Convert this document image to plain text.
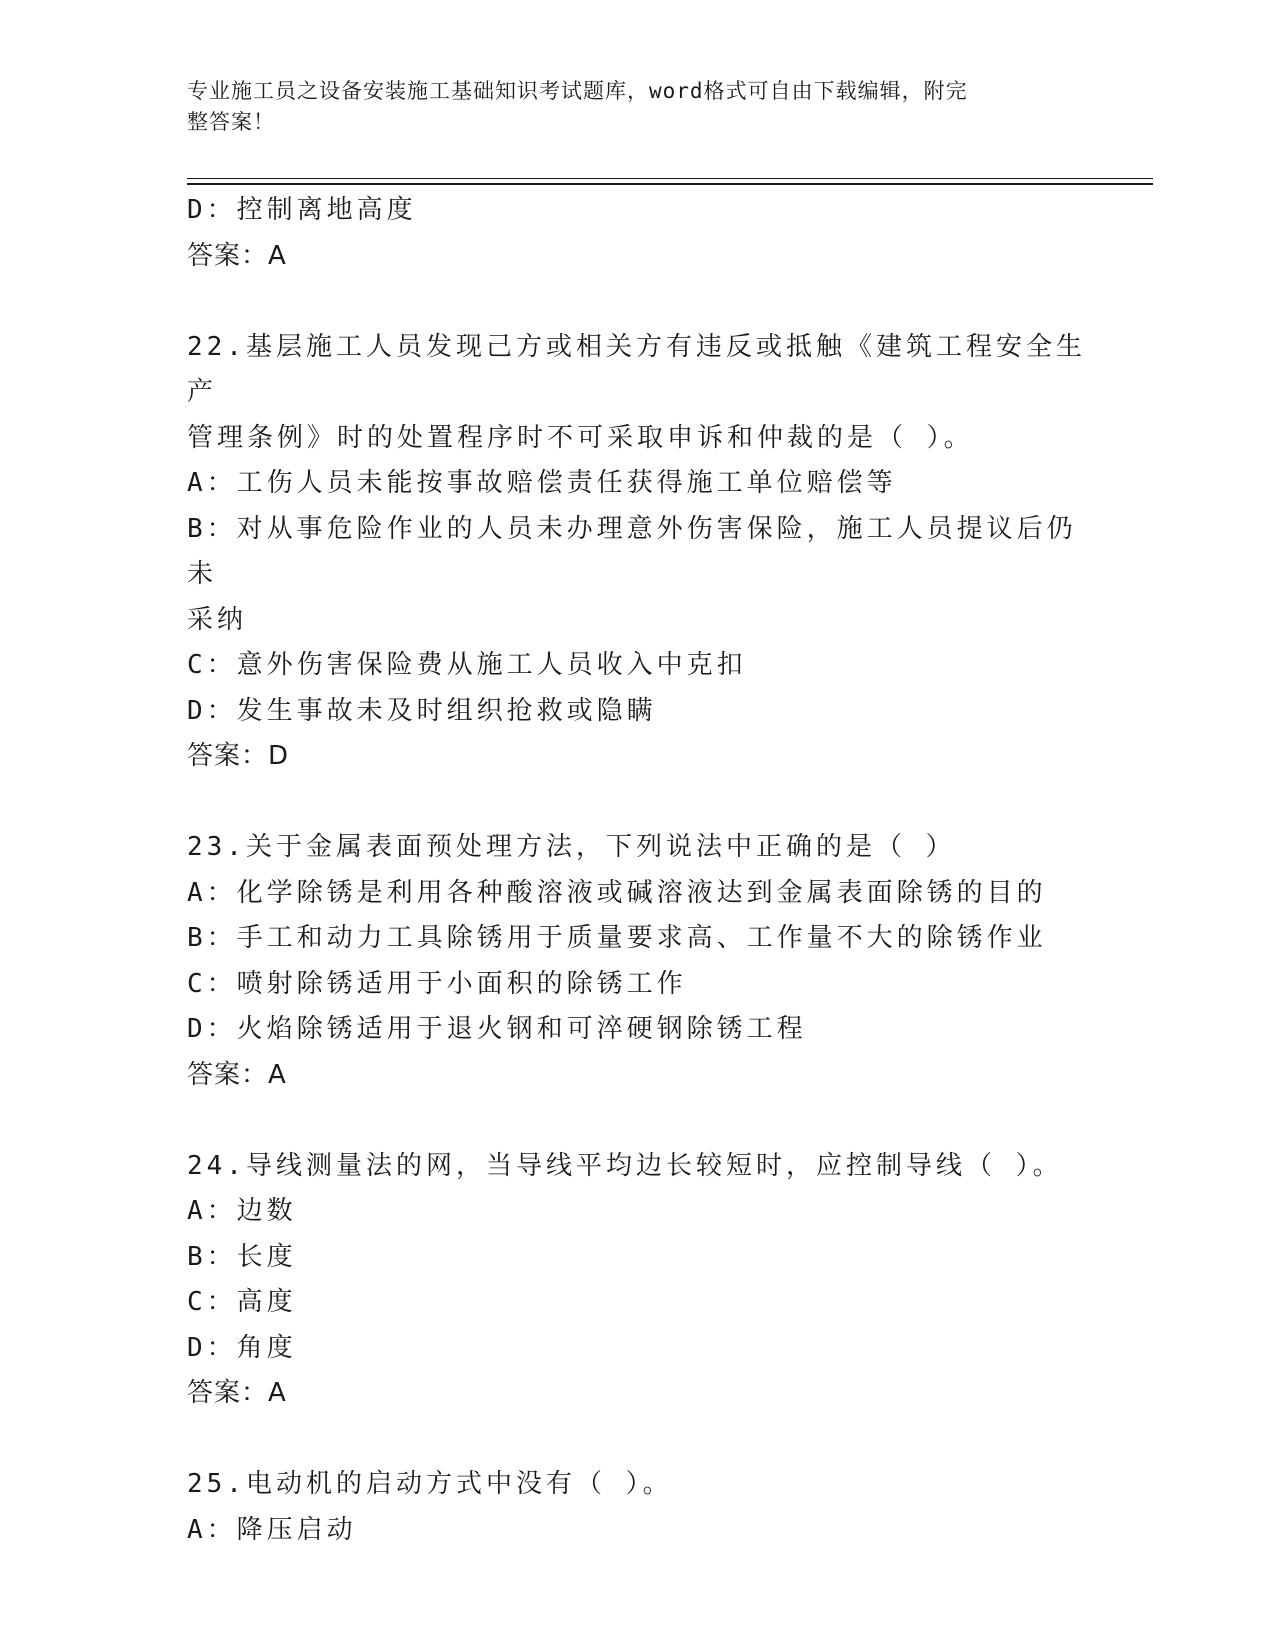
专业施工员之设备安装施工基础知识考试题库，word格式可自由下载编辑，附完
整答案！
D：控制离地高度
答案：A
22.基层施工人员发现己方或相关方有违反或抵触《建筑工程安全生产
管理条例》时的处置程序时不可采取申诉和仲裁的是（ ）。
A：工伤人员未能按事故赔偿责任获得施工单位赔偿等
B：对从事危险作业的人员未办理意外伤害保险，施工人员提议后仍未
采纳
C：意外伤害保险费从施工人员收入中克扣
D：发生事故未及时组织抢救或隐瞒
答案：D
23.关于金属表面预处理方法，下列说法中正确的是（ ）
A：化学除锈是利用各种酸溶液或碱溶液达到金属表面除锈的目的
B：手工和动力工具除锈用于质量要求高、工作量不大的除锈作业
C：喷射除锈适用于小面积的除锈工作
D：火焰除锈适用于退火钢和可淬硬钢除锈工程
答案：A
24.导线测量法的网，当导线平均边长较短时，应控制导线（ ）。
A：边数
B：长度
C：高度
D：角度
答案：A
25.电动机的启动方式中没有（ ）。
A：降压启动
